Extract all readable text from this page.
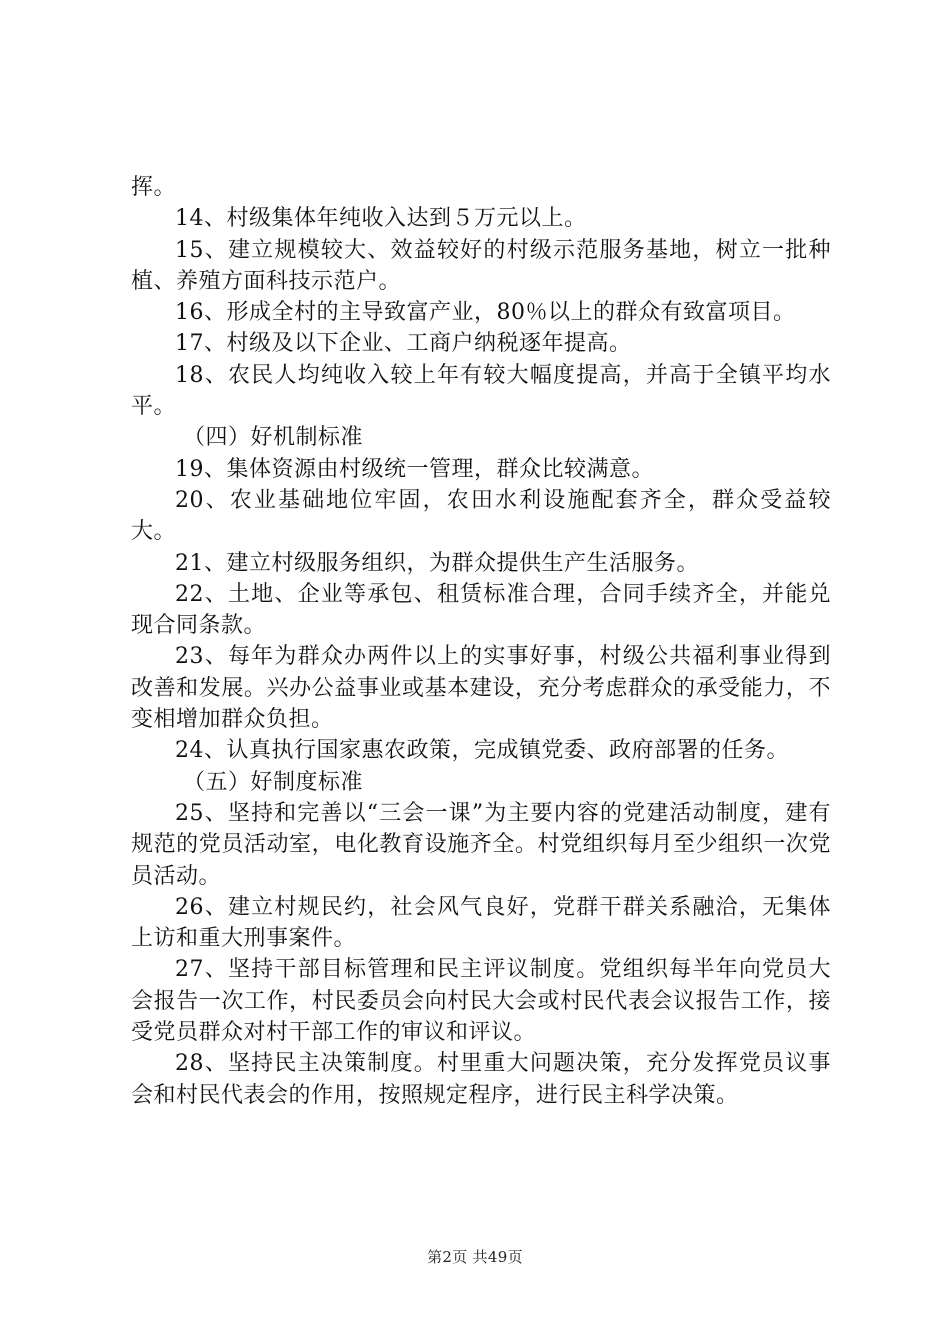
挥。

14、村级集体年纯收入达到５万元以上。

15、建立规模较大、效益较好的村级示范服务基地，树立一批种植、养殖方面科技示范户。

16、形成全村的主导致富产业，80％以上的群众有致富项目。

17、村级及以下企业、工商户纳税逐年提高。

18、农民人均纯收入较上年有较大幅度提高，并高于全镇平均水平。

（四）好机制标准

19、集体资源由村级统一管理，群众比较满意。

20、农业基础地位牢固，农田水利设施配套齐全，群众受益较大。

21、建立村级服务组织，为群众提供生产生活服务。

22、土地、企业等承包、租赁标准合理，合同手续齐全，并能兑现合同条款。

23、每年为群众办两件以上的实事好事，村级公共福利事业得到改善和发展。兴办公益事业或基本建设，充分考虑群众的承受能力，不变相增加群众负担。

24、认真执行国家惠农政策，完成镇党委、政府部署的任务。

（五）好制度标准

25、坚持和完善以“三会一课”为主要内容的党建活动制度，建有规范的党员活动室，电化教育设施齐全。村党组织每月至少组织一次党员活动。

26、建立村规民约，社会风气良好，党群干群关系融洽，无集体上访和重大刑事案件。

27、坚持干部目标管理和民主评议制度。党组织每半年向党员大会报告一次工作，村民委员会向村民大会或村民代表会议报告工作，接受党员群众对村干部工作的审议和评议。

28、坚持民主决策制度。村里重大问题决策，充分发挥党员议事会和村民代表会的作用，按照规定程序，进行民主科学决策。

第2页 共49页
